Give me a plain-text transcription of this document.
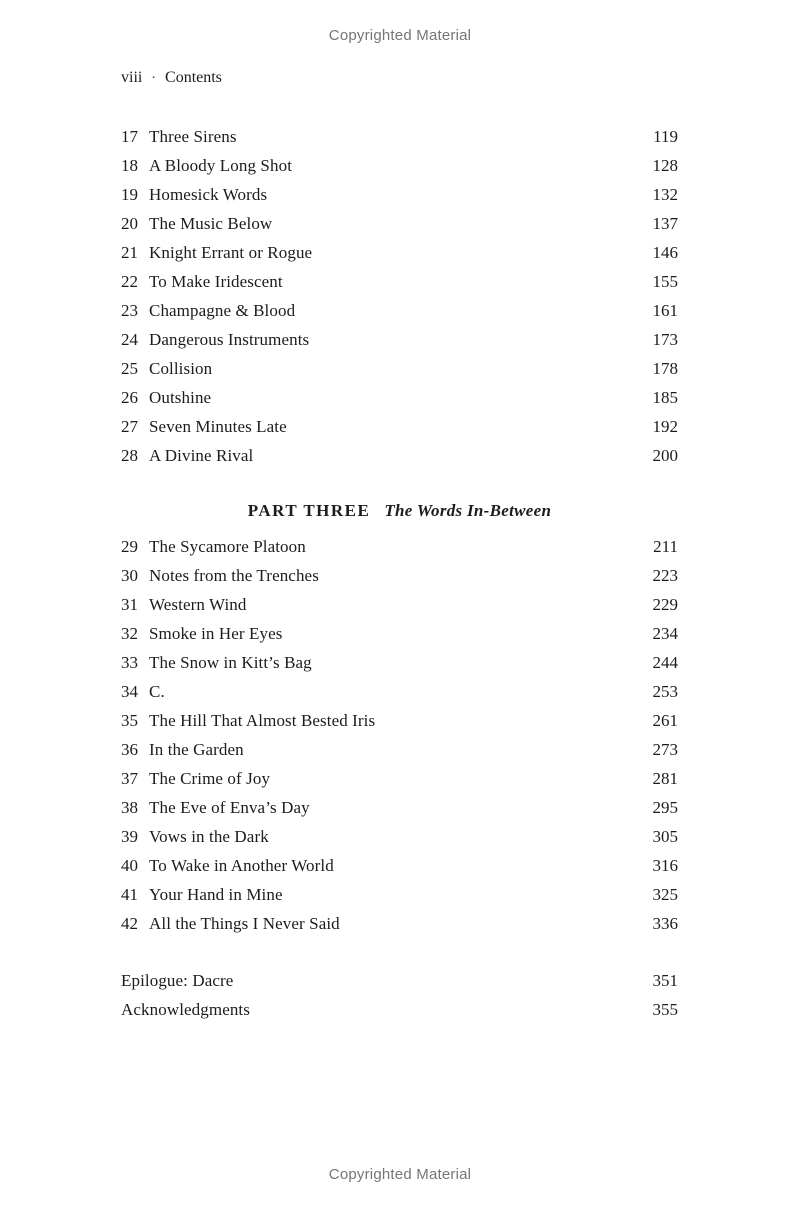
Copyrighted Material
viii · Contents
17 Three Sirens	119
18 A Bloody Long Shot	128
19 Homesick Words	132
20 The Music Below	137
21 Knight Errant or Rogue	146
22 To Make Iridescent	155
23 Champagne & Blood	161
24 Dangerous Instruments	173
25 Collision	178
26 Outshine	185
27 Seven Minutes Late	192
28 A Divine Rival	200
PART THREE The Words In-Between
29 The Sycamore Platoon	211
30 Notes from the Trenches	223
31 Western Wind	229
32 Smoke in Her Eyes	234
33 The Snow in Kitt’s Bag	244
34 C.	253
35 The Hill That Almost Bested Iris	261
36 In the Garden	273
37 The Crime of Joy	281
38 The Eve of Enva’s Day	295
39 Vows in the Dark	305
40 To Wake in Another World	316
41 Your Hand in Mine	325
42 All the Things I Never Said	336
Epilogue: Dacre	351
Acknowledgments	355
Copyrighted Material
